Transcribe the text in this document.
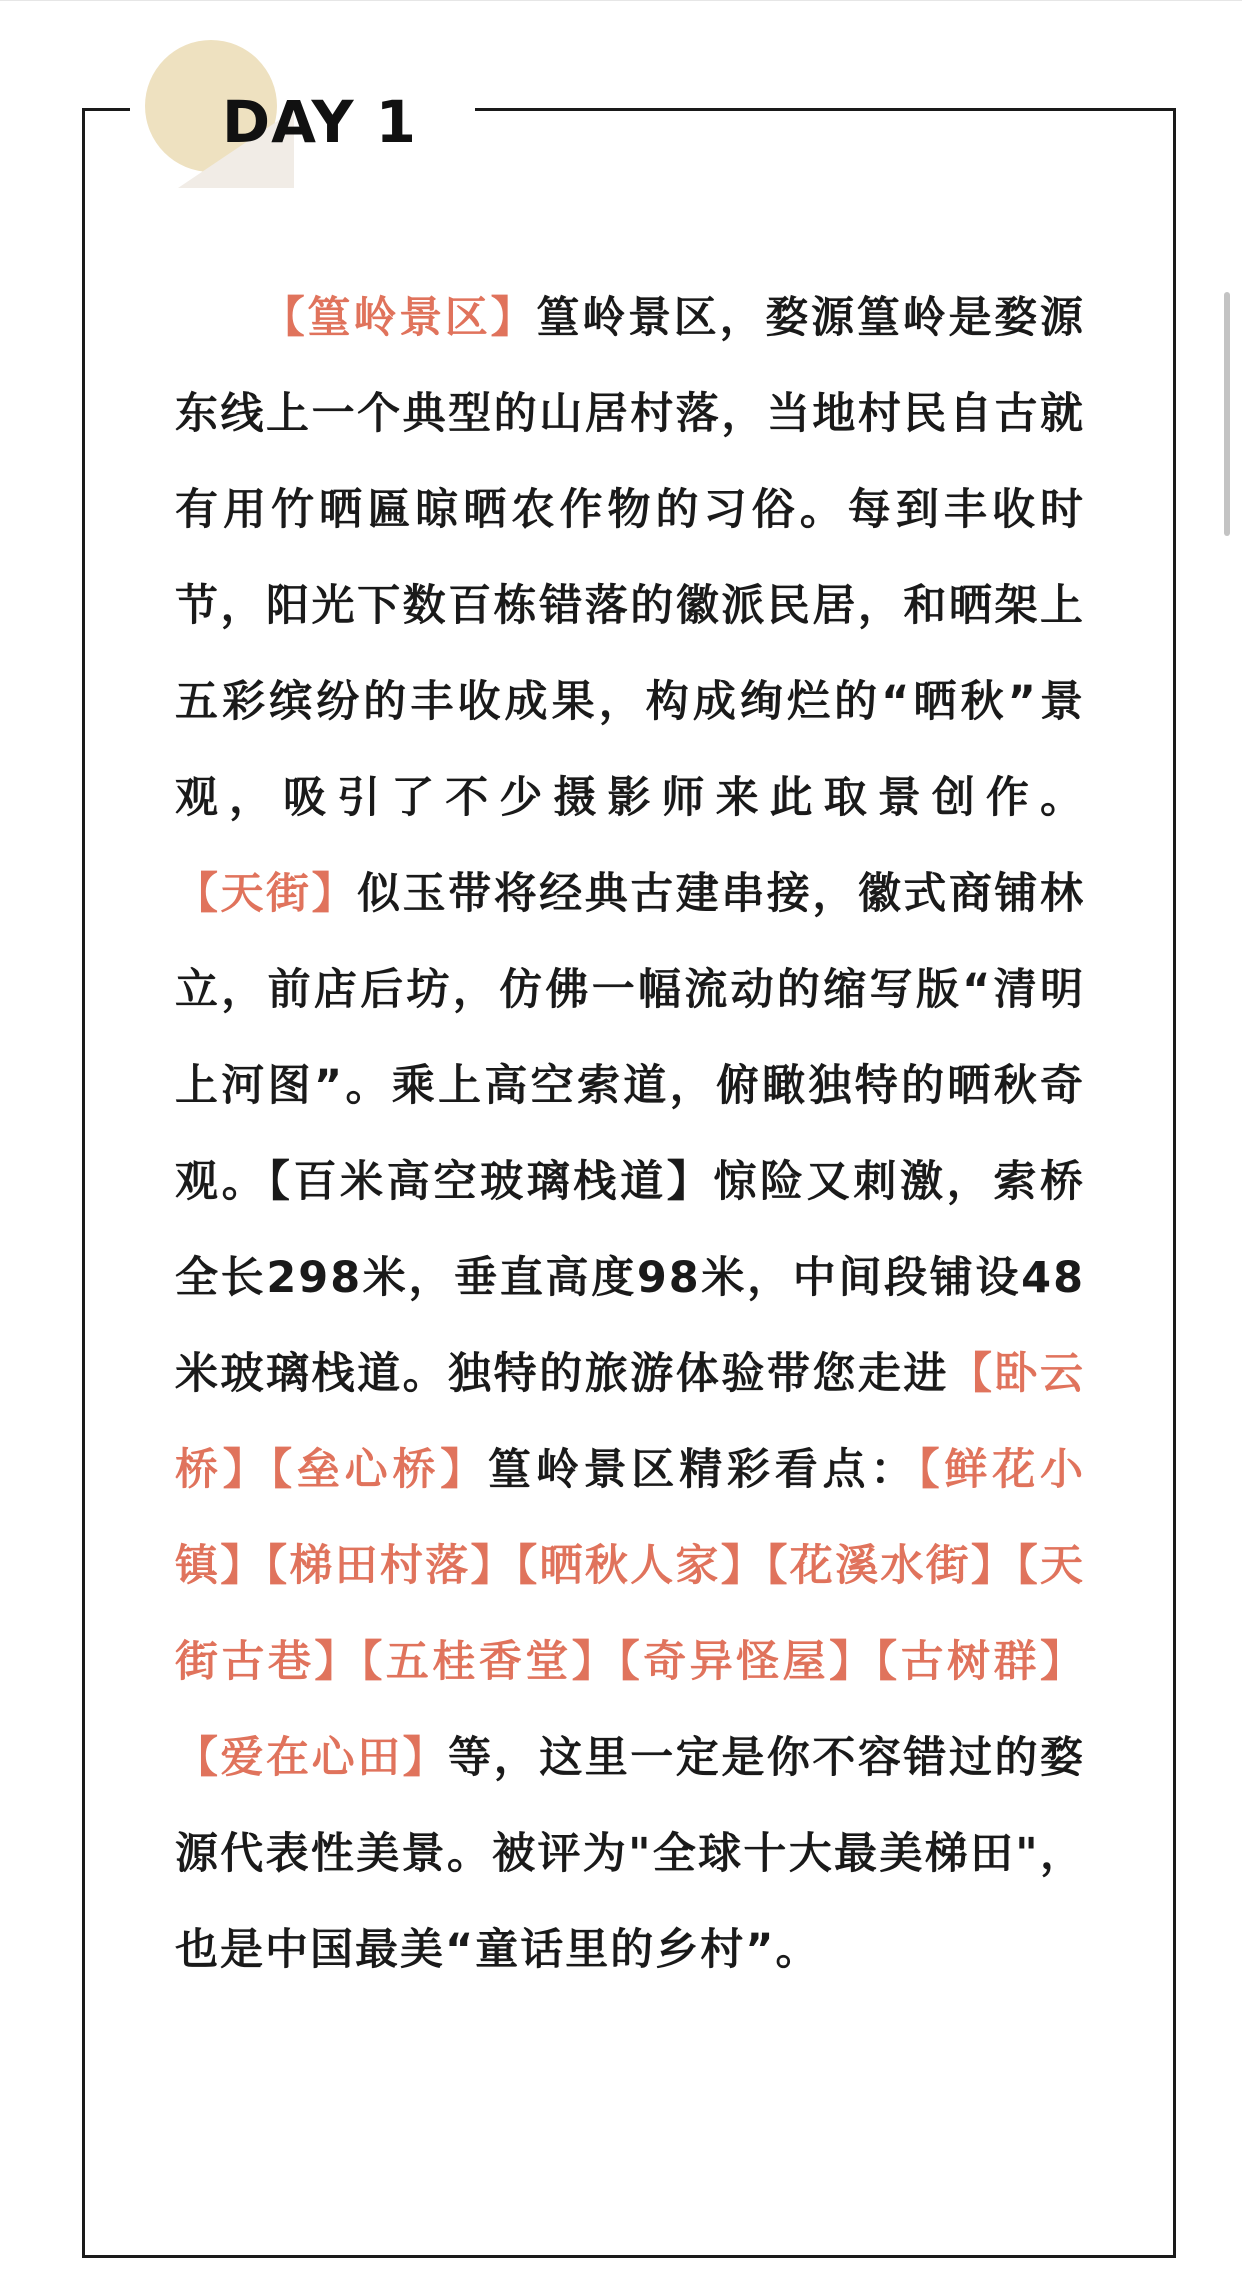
DAY 1

【篁岭景区】篁岭景区，婺源篁岭是婺源东线上一个典型的山居村落，当地村民自古就有用竹晒匾晾晒农作物的习俗。每到丰收时节，阳光下数百栋错落的徽派民居，和晒架上五彩缤纷的丰收成果，构成绚烂的“晒秋”景观，吸引了不少摄影师来此取景创作。【天街】似玉带将经典古建串接，徽式商铺林立，前店后坊，仿佛一幅流动的缩写版“清明上河图”。乘上高空索道，俯瞰独特的晒秋奇观。【百米高空玻璃栈道】惊险又刺激，索桥全长298米，垂直高度98米，中间段铺设48米玻璃栈道。独特的旅游体验带您走进【卧云桥】【垒心桥】篁岭景区精彩看点：【鲜花小镇】【梯田村落】【晒秋人家】【花溪水街】【天街古巷】【五桂香堂】【奇异怪屋】【古树群】【爱在心田】等，这里一定是你不容错过的婺源代表性美景。被评为"全球十大最美梯田"，也是中国最美“童话里的乡村”。
